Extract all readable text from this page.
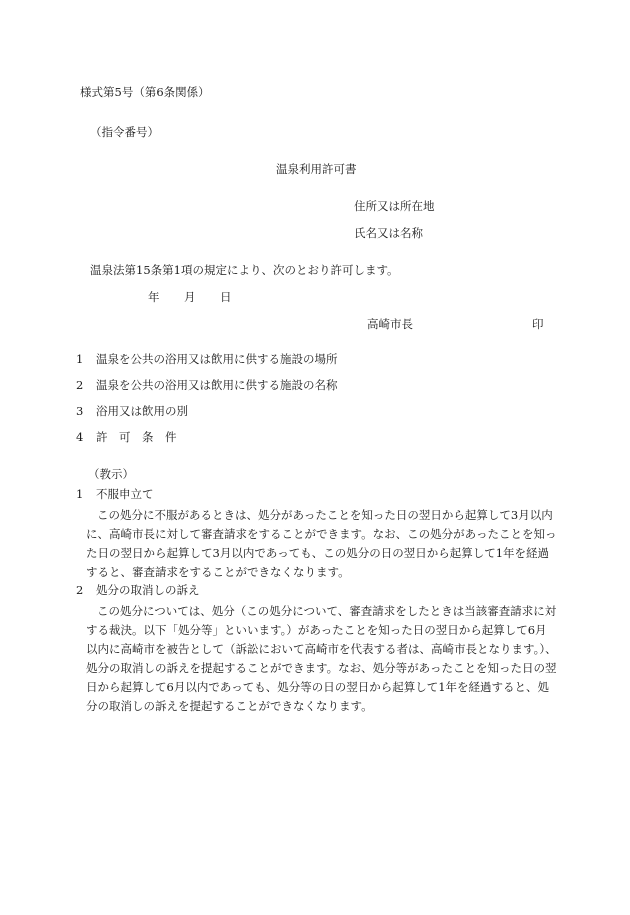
様式第5号（第6条関係）
（指令番号）
温泉利用許可書
住所又は所在地
氏名又は名称
温泉法第15条第1項の規定により、次のとおり許可します。
年 月 日
高崎市長	印
1 温泉を公共の浴用又は飲用に供する施設の場所
2 温泉を公共の浴用又は飲用に供する施設の名称
3 浴用又は飲用の別
4 許　可　条　件
（教示）
1 不服申立て
この処分に不服があるときは、処分があったことを知った日の翌日から起算して3月以内に、高崎市長に対して審査請求をすることができます。なお、この処分があったことを知った日の翌日から起算して3月以内であっても、この処分の日の翌日から起算して1年を経過すると、審査請求をすることができなくなります。
2 処分の取消しの訴え
この処分については、処分（この処分について、審査請求をしたときは当該審査請求に対する裁決。以下「処分等」といいます。）があったことを知った日の翌日から起算して6月以内に高崎市を被告として（訴訟において高崎市を代表する者は、高崎市長となります。）、処分の取消しの訴えを提起することができます。なお、処分等があったことを知った日の翌日から起算して6月以内であっても、処分等の日の翌日から起算して1年を経過すると、処分の取消しの訴えを提起することができなくなります。
